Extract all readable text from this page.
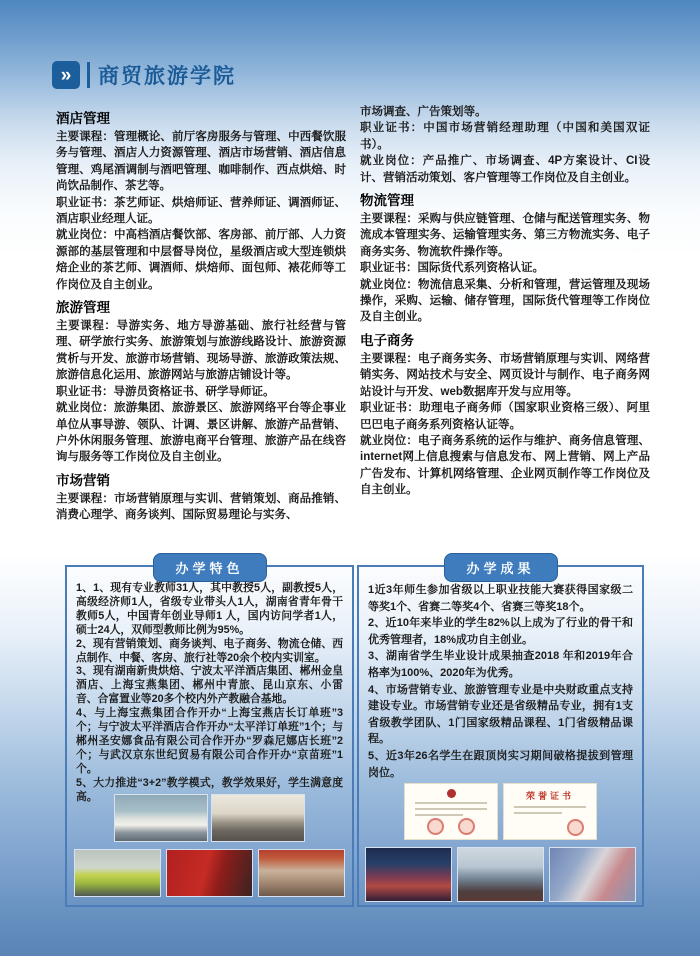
»	商贸旅游学院
酒店管理

主要课程：管理概论、前厅客房服务与管理、中西餐饮服务与管理、酒店人力资源管理、酒店市场营销、酒店信息管理、鸡尾酒调制与酒吧管理、咖啡制作、西点烘焙、时尚饮品制作、茶艺等。

职业证书：茶艺师证、烘焙师证、营养师证、调酒师证、酒店职业经理人证。

就业岗位：中高档酒店餐饮部、客房部、前厅部、人力资源部的基层管理和中层督导岗位，星级酒店或大型连锁烘焙企业的茶艺师、调酒师、烘焙师、面包师、裱花师等工作岗位及自主创业。

旅游管理

主要课程：导游实务、地方导游基础、旅行社经营与管理、研学旅行实务、旅游策划与旅游线路设计、旅游资源赏析与开发、旅游市场营销、现场导游、旅游政策法规、旅游信息化运用、旅游网站与旅游店铺设计等。

职业证书：导游员资格证书、研学导师证。

就业岗位：旅游集团、旅游景区、旅游网络平台等企事业单位从事导游、领队、计调、景区讲解、旅游产品营销、户外休闲服务管理、旅游电商平台管理、旅游产品在线咨询与服务等工作岗位及自主创业。

市场营销

主要课程：市场营销原理与实训、营销策划、商品推销、消费心理学、商务谈判、国际贸易理论与实务、

市场调查、广告策划等。

职业证书：中国市场营销经理助理（中国和美国双证书）。

就业岗位：产品推广、市场调查、4P方案设计、CI设计、营销活动策划、客户管理等工作岗位及自主创业。

物流管理

主要课程：采购与供应链管理、仓储与配送管理实务、物流成本管理实务、运输管理实务、第三方物流实务、电子商务实务、物流软件操作等。

职业证书：国际货代系列资格认证。

就业岗位：物流信息采集、分析和管理，营运管理及现场操作，采购、运输、储存管理，国际货代管理等工作岗位及自主创业。

电子商务

主要课程：电子商务实务、市场营销原理与实训、网络营销实务、网站技术与安全、网页设计与制作、电子商务网站设计与开发、web数据库开发与应用等。

职业证书：助理电子商务师（国家职业资格三级）、阿里巴巴电子商务系列资格认证等。

就业岗位：电子商务系统的运作与维护、商务信息管理、internet网上信息搜索与信息发布、网上营销、网上产品广告发布、计算机网络管理、企业网页制作等工作岗位及自主创业。

办学特色

1、1、现有专业教师31人，其中教授5人，副教授5人，高级经济师1人，省级专业带头人1人，湖南省青年骨干教师5人，中国青年创业导师1 人，国内访问学者1人，硕士24人，双师型教师比例为95%。

2、现有营销策划、商务谈判、电子商务、物流仓储、西点制作、中餐、客房、旅行社等20余个校内实训室。

3、现有湖南新贵烘焙、宁波太平洋酒店集团、郴州金皇酒店、上海宝燕集团、郴州中青旅、昆山京东、小雷音、合富置业等20多个校内外产教融合基地。

4、与上海宝燕集团合作开办“上海宝燕店长订单班”3个；与宁波太平洋酒店合作开办“太平洋订单班”1个；与郴州圣安娜食品有限公司合作开办“罗森尼娜店长班”2个；与武汉京东世纪贸易有限公司合作开办“京苗班”1个。

5、大力推进“3+2”教学模式，教学效果好，学生满意度高。

办学成果

1近3年师生参加省级以上职业技能大赛获得国家级二等奖1个、省赛二等奖4个、省赛三等奖18个。

2、近10年来毕业的学生82%以上成为了行业的骨干和优秀管理者，18%成功自主创业。

3、湖南省学生毕业设计成果抽查2018 年和2019年合格率为100%、2020年为优秀。

4、市场营销专业、旅游管理专业是中央财政重点支持建设专业。市场营销专业还是省级精品专业，拥有1支省级教学团队、1门国家级精品课程、1门省级精品课程。

5、近3年26名学生在跟顶岗实习期间破格提拔到管理岗位。

荣誉证书
